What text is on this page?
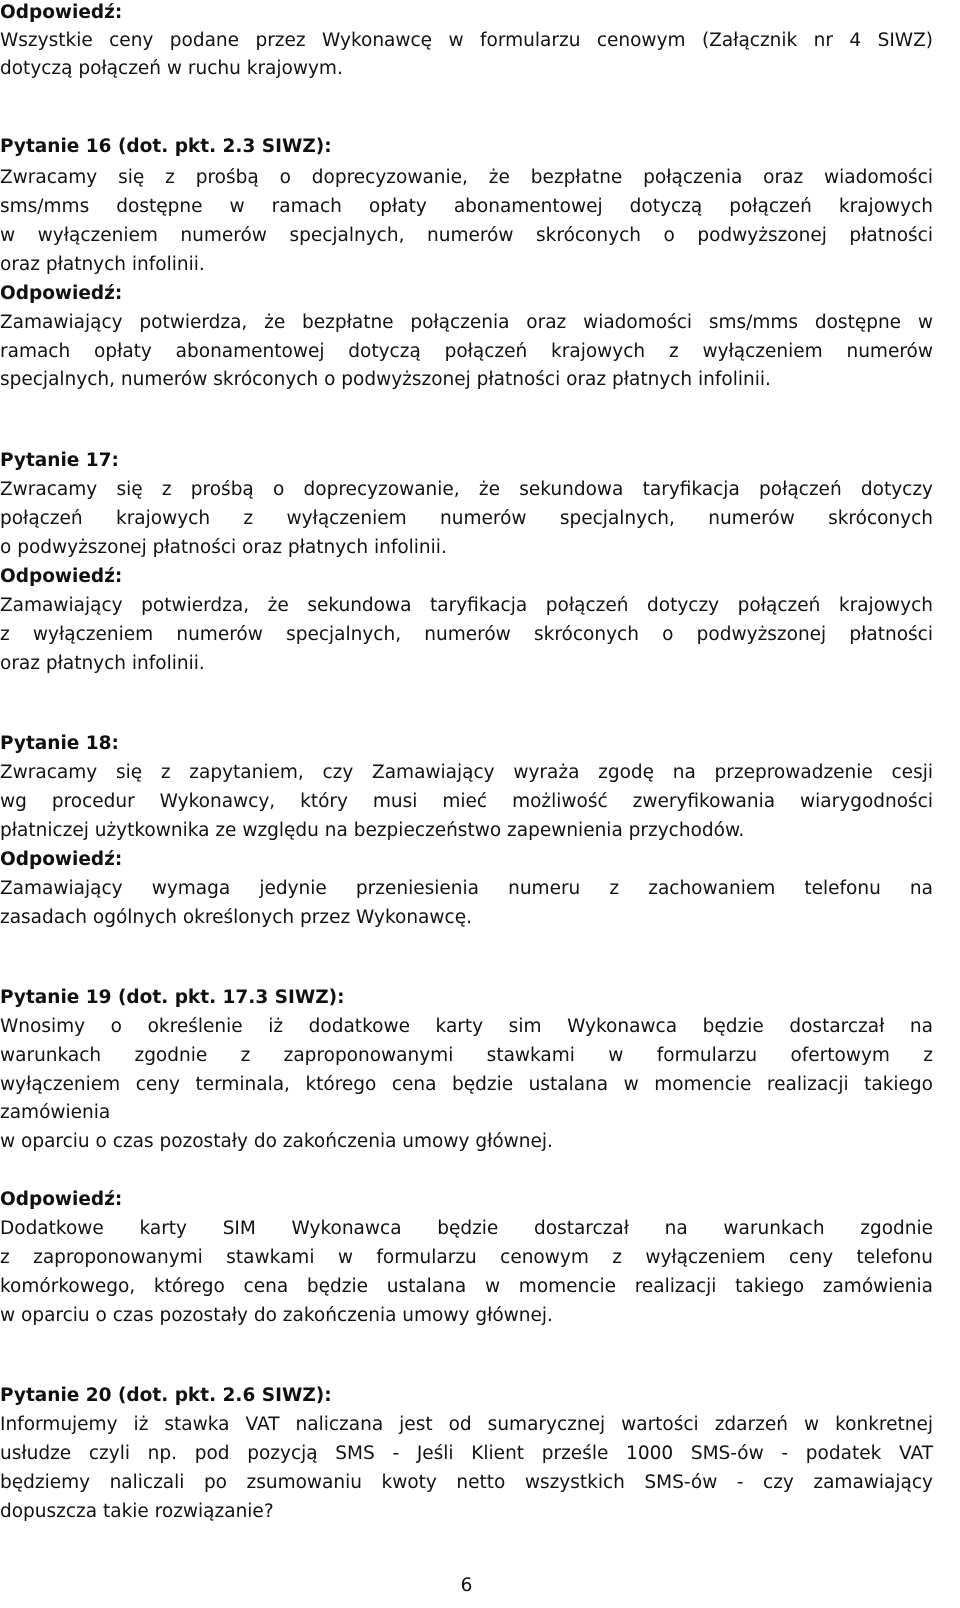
Odpowiedź:
Wszystkie ceny podane przez Wykonawcę w formularzu cenowym (Załącznik nr 4 SIWZ)
dotyczą połączeń w ruchu krajowym.
Pytanie 16 (dot. pkt. 2.3 SIWZ):
Zwracamy się z prośbą o doprecyzowanie, że bezpłatne połączenia oraz wiadomości
sms/mms dostępne w ramach opłaty abonamentowej dotyczą połączeń krajowych
w wyłączeniem numerów specjalnych, numerów skróconych o podwyższonej płatności
oraz płatnych infolinii.
Odpowiedź:
Zamawiający potwierdza, że bezpłatne połączenia oraz wiadomości sms/mms dostępne w
ramach opłaty abonamentowej dotyczą połączeń krajowych z wyłączeniem numerów
specjalnych, numerów skróconych o podwyższonej płatności oraz płatnych infolinii.
Pytanie 17:
Zwracamy się z prośbą o doprecyzowanie, że sekundowa taryfikacja połączeń dotyczy
połączeń krajowych z wyłączeniem numerów specjalnych, numerów skróconych
o podwyższonej płatności oraz płatnych infolinii.
Odpowiedź:
Zamawiający potwierdza, że sekundowa taryfikacja połączeń dotyczy połączeń krajowych
z wyłączeniem numerów specjalnych, numerów skróconych o podwyższonej płatności
oraz płatnych infolinii.
Pytanie 18:
Zwracamy się z zapytaniem, czy Zamawiający wyraża zgodę na przeprowadzenie cesji
wg procedur Wykonawcy, który musi mieć możliwość zweryfikowania wiarygodności
płatniczej użytkownika ze względu na bezpieczeństwo zapewnienia przychodów.
Odpowiedź:
Zamawiający wymaga jedynie przeniesienia numeru z zachowaniem telefonu na
zasadach ogólnych określonych przez Wykonawcę.
Pytanie 19 (dot. pkt. 17.3 SIWZ):
Wnosimy o określenie iż dodatkowe karty sim Wykonawca będzie dostarczał na
warunkach zgodnie z zaproponowanymi stawkami w formularzu ofertowym z
wyłączeniem ceny terminala, którego cena będzie ustalana w momencie realizacji takiego
zamówienia
w oparciu o czas pozostały do zakończenia umowy głównej.
Odpowiedź:
Dodatkowe karty SIM Wykonawca będzie dostarczał na warunkach zgodnie
z zaproponowanymi stawkami w formularzu cenowym z wyłączeniem ceny telefonu
komórkowego, którego cena będzie ustalana w momencie realizacji takiego zamówienia
w oparciu o czas pozostały do zakończenia umowy głównej.
Pytanie 20 (dot. pkt. 2.6 SIWZ):
Informujemy iż stawka VAT naliczana jest od sumarycznej wartości zdarzeń w konkretnej
usłudze czyli np. pod pozycją SMS - Jeśli Klient prześle 1000 SMS-ów - podatek VAT
będziemy naliczali po zsumowaniu kwoty netto wszystkich SMS-ów - czy zamawiający
dopuszcza takie rozwiązanie?
6
